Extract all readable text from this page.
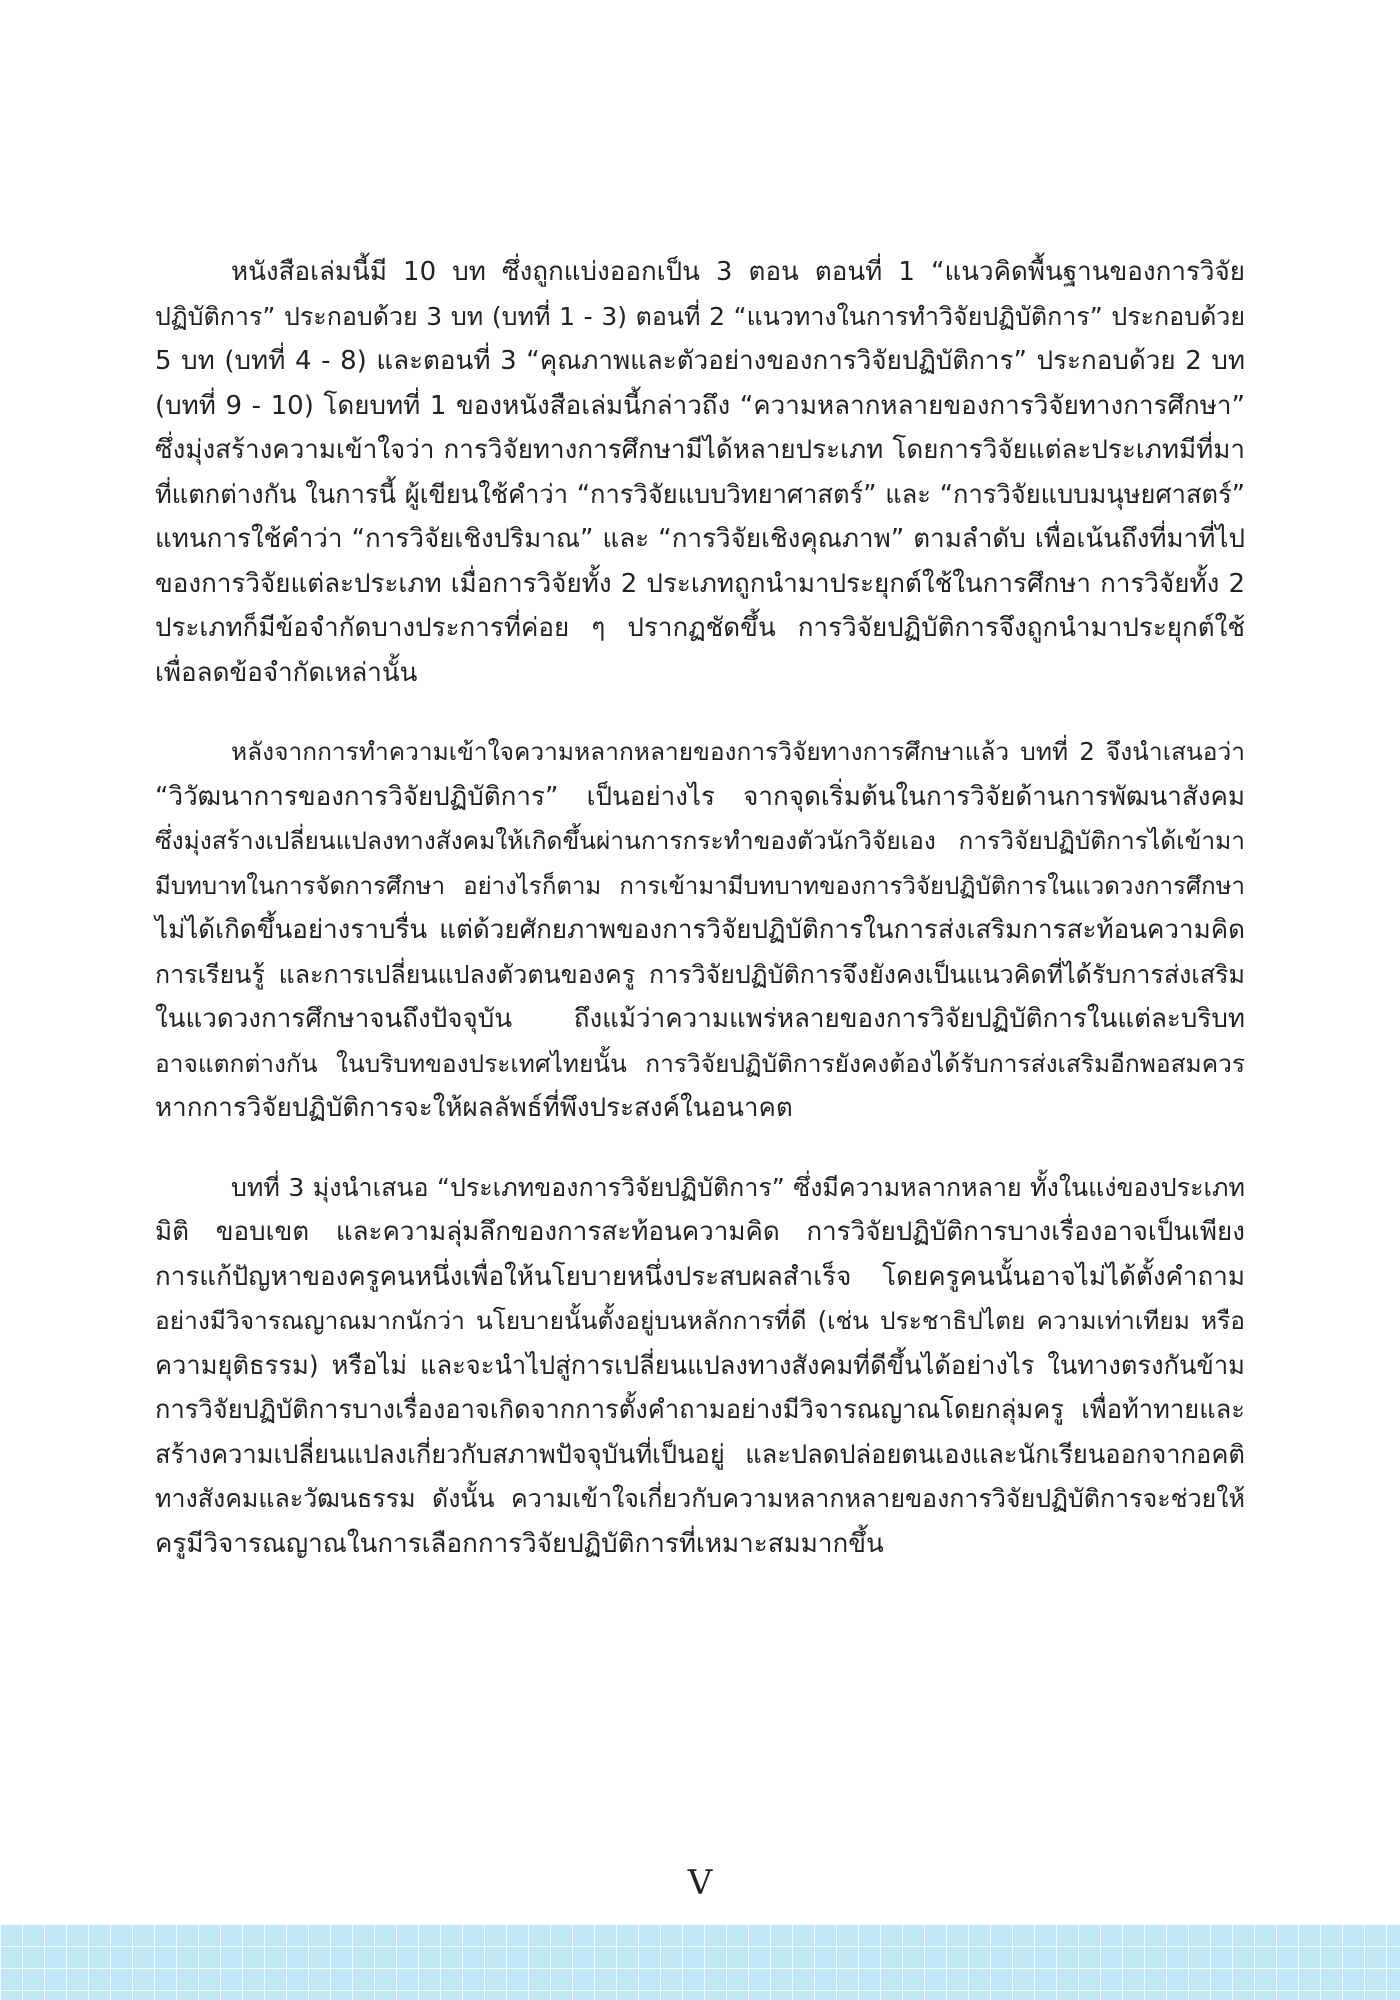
หนังสือเล่มนี้มี 10 บท ซึ่งถูกแบ่งออกเป็น 3 ตอน ตอนที่ 1 “แนวคิดพื้นฐานของการวิจัย
ปฏิบัติการ” ประกอบด้วย 3 บท (บทที่ 1 - 3) ตอนที่ 2 “แนวทางในการทำวิจัยปฏิบัติการ” ประกอบด้วย
5 บท (บทที่ 4 - 8) และตอนที่ 3 “คุณภาพและตัวอย่างของการวิจัยปฏิบัติการ” ประกอบด้วย 2 บท
(บทที่ 9 - 10) โดยบทที่ 1 ของหนังสือเล่มนี้กล่าวถึง “ความหลากหลายของการวิจัยทางการศึกษา”
ซึ่งมุ่งสร้างความเข้าใจว่า การวิจัยทางการศึกษามีได้หลายประเภท โดยการวิจัยแต่ละประเภทมีที่มา
ที่แตกต่างกัน ในการนี้ ผู้เขียนใช้คำว่า “การวิจัยแบบวิทยาศาสตร์” และ “การวิจัยแบบมนุษยศาสตร์”
แทนการใช้คำว่า “การวิจัยเชิงปริมาณ” และ “การวิจัยเชิงคุณภาพ” ตามลำดับ เพื่อเน้นถึงที่มาที่ไป
ของการวิจัยแต่ละประเภท เมื่อการวิจัยทั้ง 2 ประเภทถูกนำมาประยุกต์ใช้ในการศึกษา การวิจัยทั้ง 2
ประเภทก็มีข้อจำกัดบางประการที่ค่อย ๆ ปรากฏชัดขึ้น การวิจัยปฏิบัติการจึงถูกนำมาประยุกต์ใช้
เพื่อลดข้อจำกัดเหล่านั้น
หลังจากการทำความเข้าใจความหลากหลายของการวิจัยทางการศึกษาแล้ว บทที่ 2 จึงนำเสนอว่า
“วิวัฒนาการของการวิจัยปฏิบัติการ” เป็นอย่างไร จากจุดเริ่มต้นในการวิจัยด้านการพัฒนาสังคม
ซึ่งมุ่งสร้างเปลี่ยนแปลงทางสังคมให้เกิดขึ้นผ่านการกระทำของตัวนักวิจัยเอง การวิจัยปฏิบัติการได้เข้ามา
มีบทบาทในการจัดการศึกษา อย่างไรก็ตาม การเข้ามามีบทบาทของการวิจัยปฏิบัติการในแวดวงการศึกษา
ไม่ได้เกิดขึ้นอย่างราบรื่น แต่ด้วยศักยภาพของการวิจัยปฏิบัติการในการส่งเสริมการสะท้อนความคิด
การเรียนรู้ และการเปลี่ยนแปลงตัวตนของครู การวิจัยปฏิบัติการจึงยังคงเป็นแนวคิดที่ได้รับการส่งเสริม
ในแวดวงการศึกษาจนถึงปัจจุบัน ถึงแม้ว่าความแพร่หลายของการวิจัยปฏิบัติการในแต่ละบริบท
อาจแตกต่างกัน ในบริบทของประเทศไทยนั้น การวิจัยปฏิบัติการยังคงต้องได้รับการส่งเสริมอีกพอสมควร
หากการวิจัยปฏิบัติการจะให้ผลลัพธ์ที่พึงประสงค์ในอนาคต
บทที่ 3 มุ่งนำเสนอ “ประเภทของการวิจัยปฏิบัติการ” ซึ่งมีความหลากหลาย ทั้งในแง่ของประเภท
มิติ ขอบเขต และความลุ่มลึกของการสะท้อนความคิด การวิจัยปฏิบัติการบางเรื่องอาจเป็นเพียง
การแก้ปัญหาของครูคนหนึ่งเพื่อให้นโยบายหนึ่งประสบผลสำเร็จ โดยครูคนนั้นอาจไม่ได้ตั้งคำถาม
อย่างมีวิจารณญาณมากนักว่า นโยบายนั้นตั้งอยู่บนหลักการที่ดี (เช่น ประชาธิปไตย ความเท่าเทียม หรือ
ความยุติธรรม) หรือไม่ และจะนำไปสู่การเปลี่ยนแปลงทางสังคมที่ดีขึ้นได้อย่างไร ในทางตรงกันข้าม
การวิจัยปฏิบัติการบางเรื่องอาจเกิดจากการตั้งคำถามอย่างมีวิจารณญาณโดยกลุ่มครู เพื่อท้าทายและ
สร้างความเปลี่ยนแปลงเกี่ยวกับสภาพปัจจุบันที่เป็นอยู่ และปลดปล่อยตนเองและนักเรียนออกจากอคติ
ทางสังคมและวัฒนธรรม ดังนั้น ความเข้าใจเกี่ยวกับความหลากหลายของการวิจัยปฏิบัติการจะช่วยให้
ครูมีวิจารณญาณในการเลือกการวิจัยปฏิบัติการที่เหมาะสมมากขึ้น
V
